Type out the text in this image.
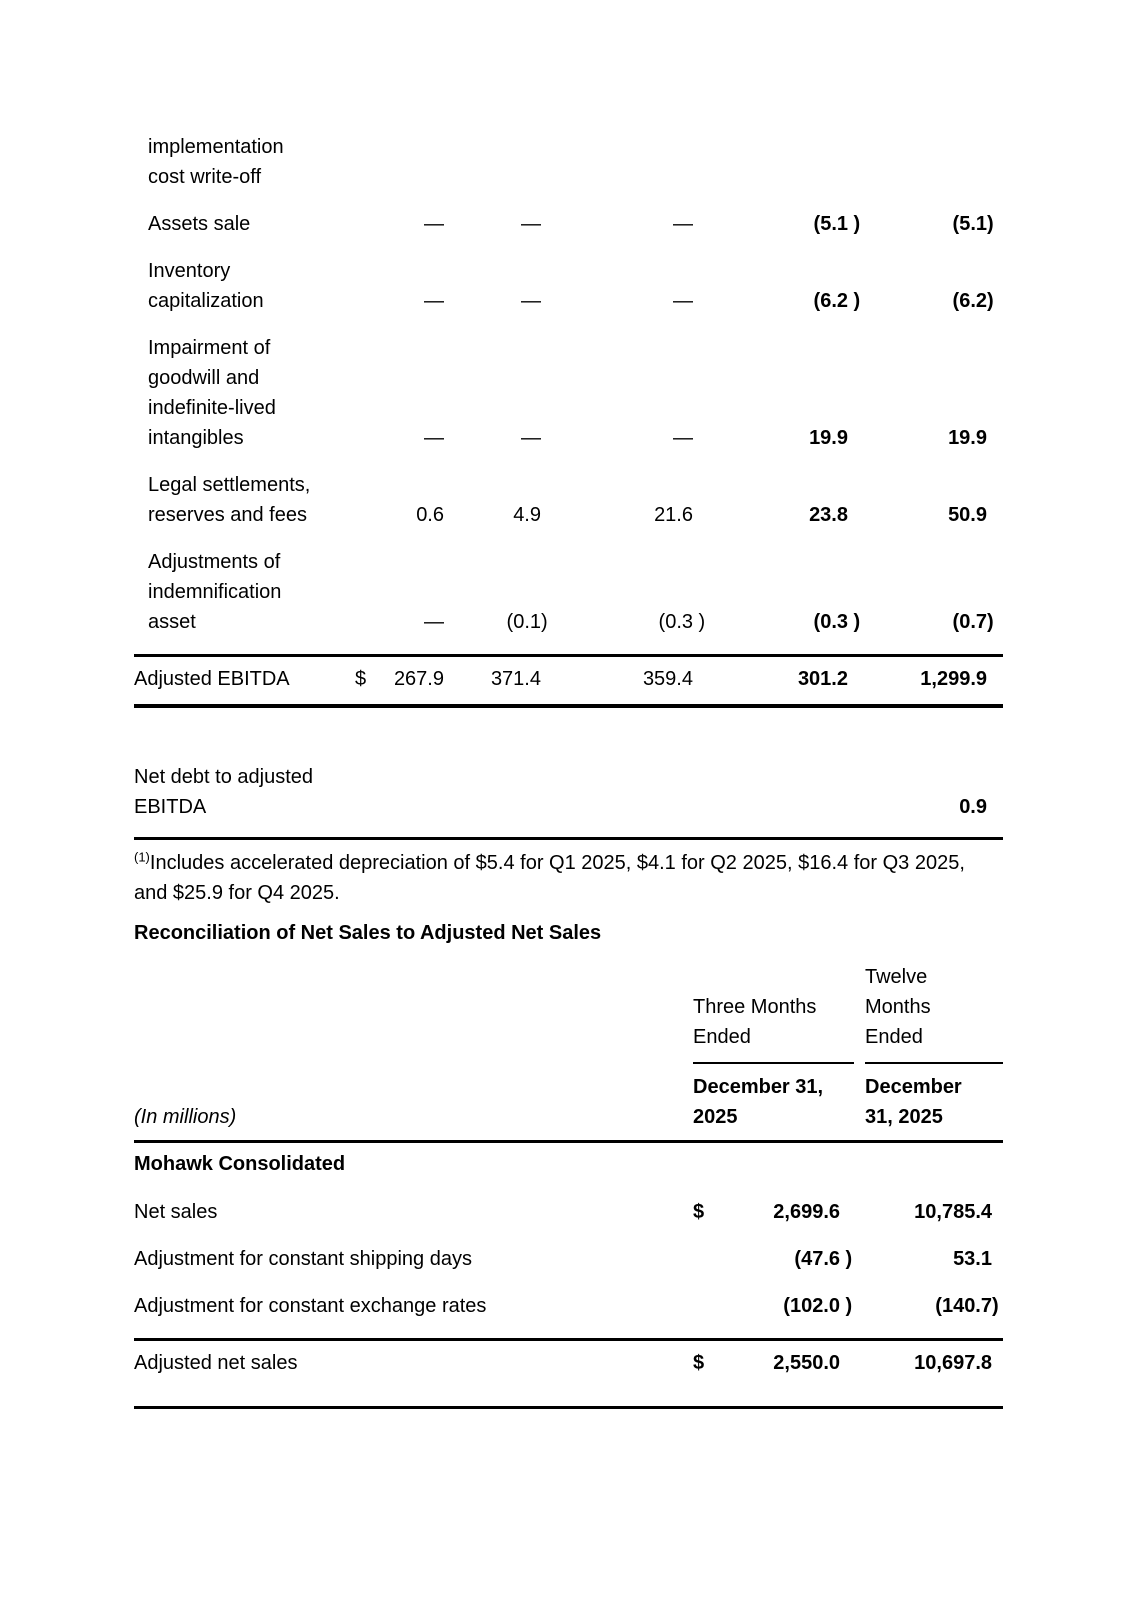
implementation
cost write-off
Assets sale	—	—	—	(5.1 )	(5.1 )
Inventory
capitalization	—	—	—	(6.2 )	(6.2 )
Impairment of
goodwill and
indefinite-lived
intangibles	—	—	—	19.9	19.9
Legal settlements,
reserves and fees	0.6	4.9	21.6	23.8	50.9
Adjustments of
indemnification
asset	—	(0.1 )	(0.3 )	(0.3 )	(0.7 )
Adjusted EBITDA	$	267.9	371.4	359.4	301.2	1,299.9
Net debt to adjusted
EBITDA	0.9
$^{(1)}$Includes accelerated depreciation of $5.4 for Q1 2025, $4.1 for Q2 2025, $16.4 for Q3 2025, and $25.9 for Q4 2025.
Reconciliation of Net Sales to Adjusted Net Sales
(In millions)
Three Months
Ended
December 31,
2025
Twelve
Months
Ended
December
31, 2025
Mohawk Consolidated
Net sales	$	2,699.6	10,785.4
Adjustment for constant shipping days	(47.6 )	53.1
Adjustment for constant exchange rates	(102.0 )	(140.7 )
Adjusted net sales	$	2,550.0	10,697.8
